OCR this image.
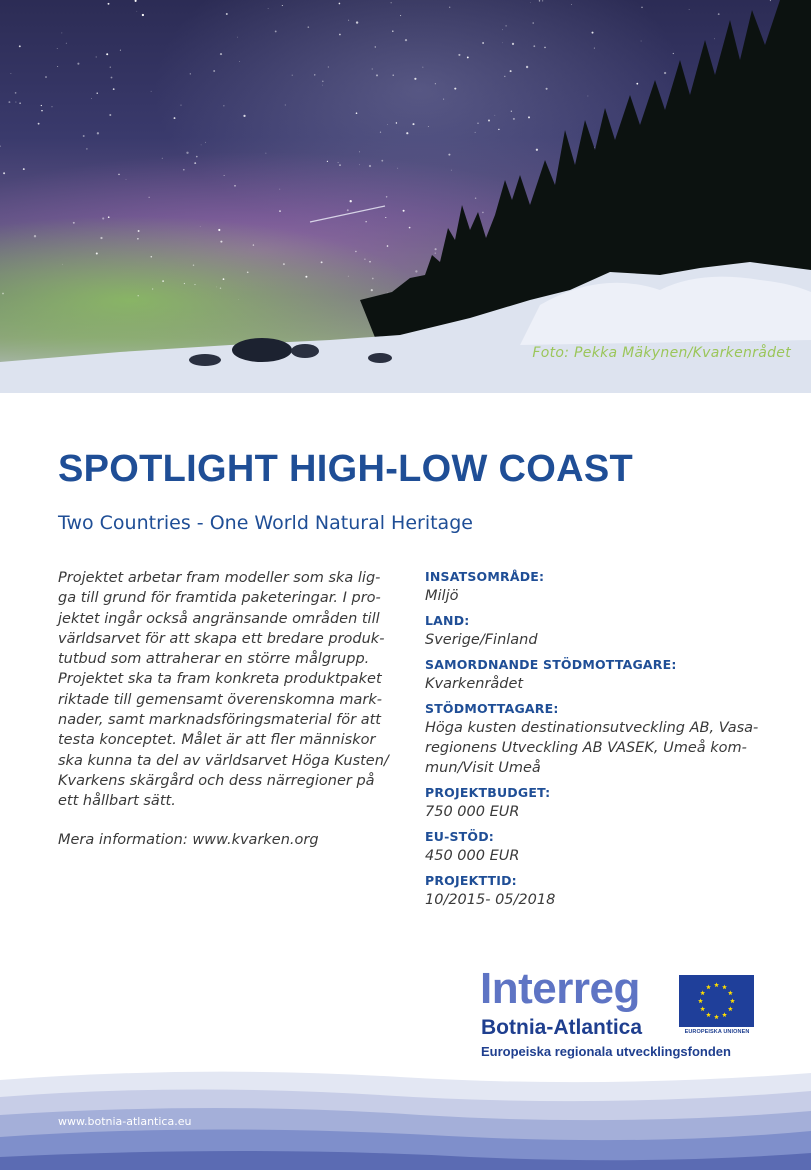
Foto: Pekka Mäkynen/Kvarkenrådet
SPOTLIGHT HIGH-LOW COAST
Two Countries - One World Natural Heritage

Projektet arbetar fram modeller som ska lig-ga till grund för framtida paketeringar. I pro-jektet ingår också angränsande områden till världsarvet för att skapa ett bredare produk-tutbud som attraherar en större målgrupp. Projektet ska ta fram konkreta produktpaket riktade till gemensamt överenskomna mark-nader, samt marknadsföringsmaterial för att testa konceptet. Målet är att fler människor ska kunna ta del av världsarvet Höga Kusten/ Kvarkens skärgård och dess närregioner på ett hållbart sätt.

Mera information: www.kvarken.org

INSATSOMRÅDE:
Miljö
LAND:
Sverige/Finland
SAMORDNANDE STÖDMOTTAGARE:
Kvarkenrådet
STÖDMOTTAGARE:
Höga kusten destinationsutveckling AB, Vasa-regionens Utveckling AB VASEK, Umeå kom-mun/Visit Umeå
PROJEKTBUDGET:
750 000 EUR
EU-STÖD:
450 000 EUR
PROJEKTTID:
10/2015- 05/2018
Interreg
Botnia-Atlantica
Europeiska regionala utvecklingsfonden
EUROPEISKA UNIONEN
www.botnia-atlantica.eu
